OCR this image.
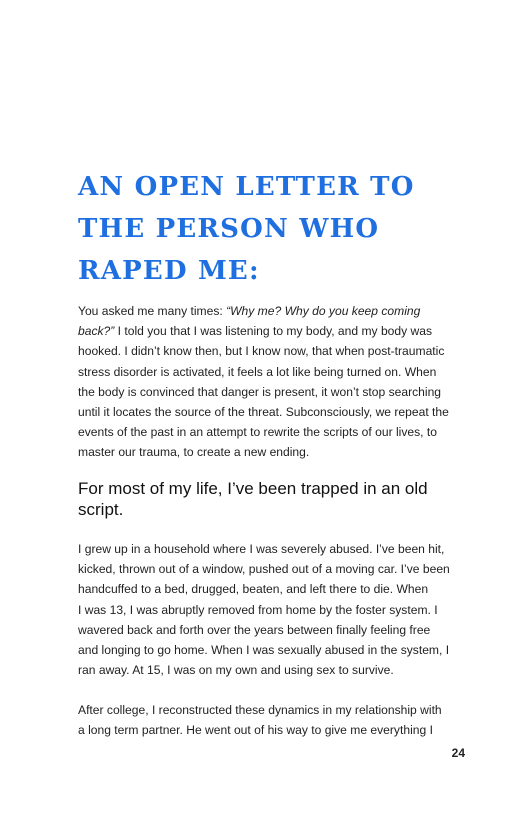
AN OPEN LETTER TO
THE PERSON WHO
RAPED ME:
You asked me many times: “Why me? Why do you keep coming
back?” I told you that I was listening to my body, and my body was
hooked. I didn’t know then, but I know now, that when post-traumatic
stress disorder is activated, it feels a lot like being turned on. When
the body is convinced that danger is present, it won’t stop searching
until it locates the source of the threat. Subconsciously, we repeat the
events of the past in an attempt to rewrite the scripts of our lives, to
master our trauma, to create a new ending.
For most of my life, I’ve been trapped in an old
script.
I grew up in a household where I was severely abused. I’ve been hit,
kicked, thrown out of a window, pushed out of a moving car. I’ve been
handcuffed to a bed, drugged, beaten, and left there to die. When
I was 13, I was abruptly removed from home by the foster system. I
wavered back and forth over the years between finally feeling free
and longing to go home. When I was sexually abused in the system, I
ran away. At 15, I was on my own and using sex to survive.
After college, I reconstructed these dynamics in my relationship with
a long term partner. He went out of his way to give me everything I
24
